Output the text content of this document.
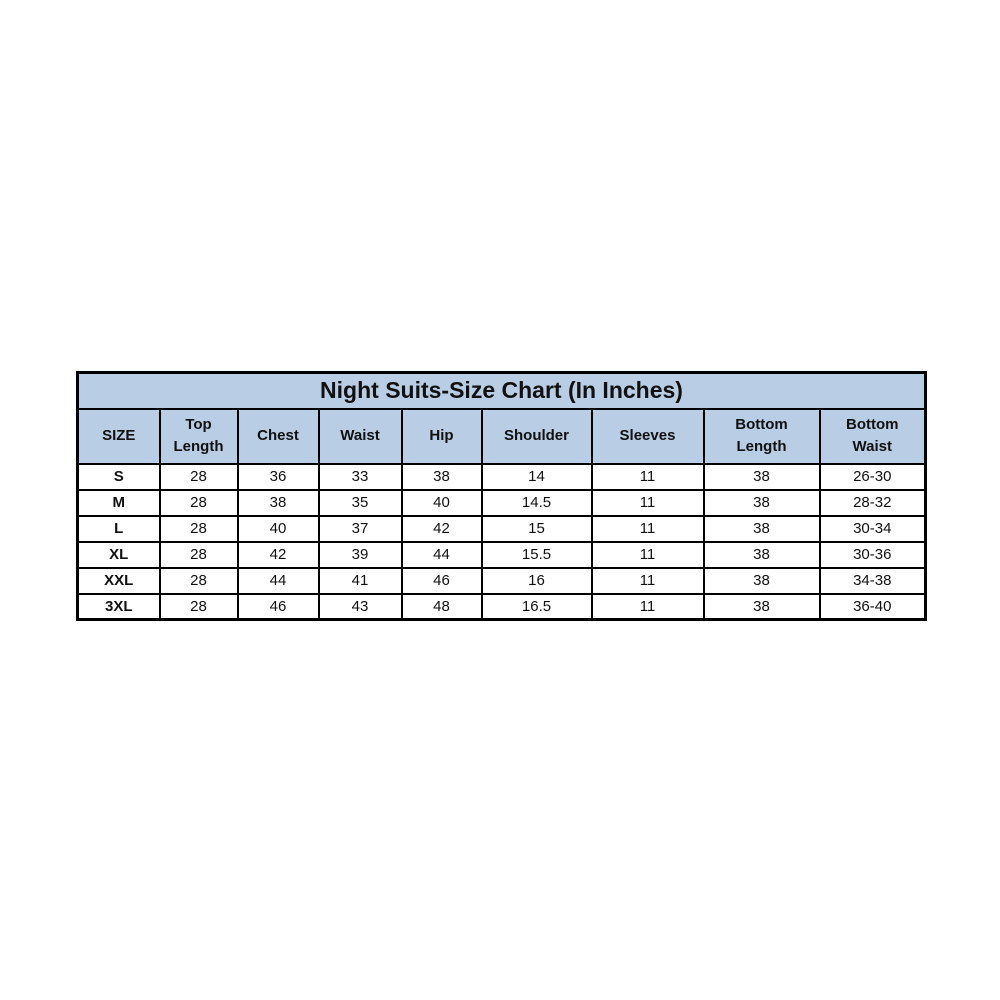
Night Suits-Size Chart (In Inches)								
SIZE	Top Length	Chest	Waist	Hip	Shoulder	Sleeves	Bottom Length	Bottom Waist
S	28	36	33	38	14	11	38	26-30
M	28	38	35	40	14.5	11	38	28-32
L	28	40	37	42	15	11	38	30-34
XL	28	42	39	44	15.5	11	38	30-36
XXL	28	44	41	46	16	11	38	34-38
3XL	28	46	43	48	16.5	11	38	36-40
